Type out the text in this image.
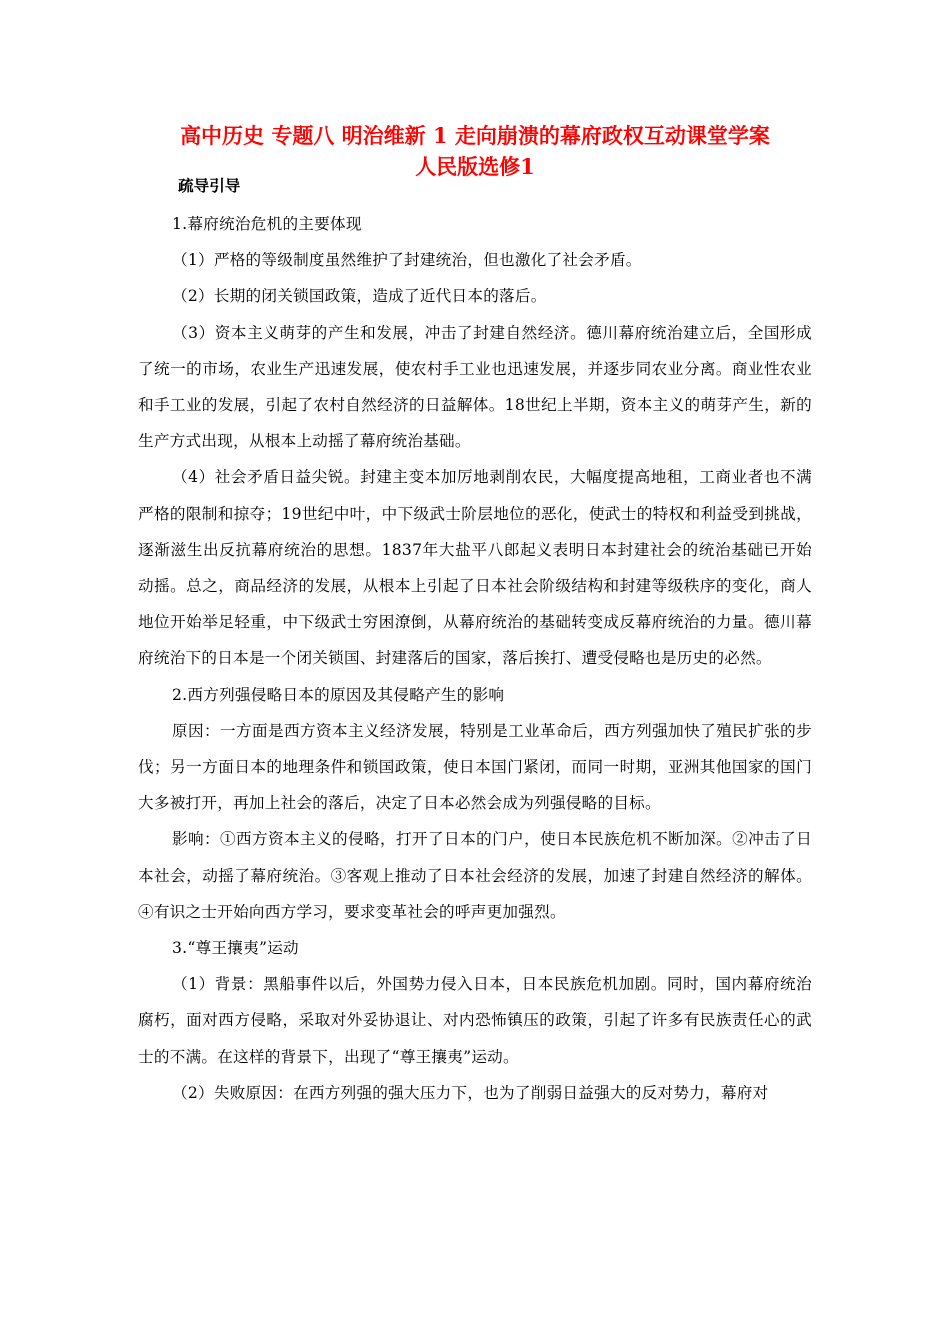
高中历史 专题八 明治维新 1 走向崩溃的幕府政权互动课堂学案
人民版选修1
疏导引导

1.幕府统治危机的主要体现

（1）严格的等级制度虽然维护了封建统治，但也激化了社会矛盾。

（2）长期的闭关锁国政策，造成了近代日本的落后。

（3）资本主义萌芽的产生和发展，冲击了封建自然经济。德川幕府统治建立后，全国形成了统一的市场，农业生产迅速发展，使农村手工业也迅速发展，并逐步同农业分离。商业性农业和手工业的发展，引起了农村自然经济的日益解体。18世纪上半期，资本主义的萌芽产生，新的生产方式出现，从根本上动摇了幕府统治基础。

（4）社会矛盾日益尖锐。封建主变本加厉地剥削农民，大幅度提高地租，工商业者也不满严格的限制和掠夺；19世纪中叶，中下级武士阶层地位的恶化，使武士的特权和利益受到挑战，逐渐滋生出反抗幕府统治的思想。1837年大盐平八郎起义表明日本封建社会的统治基础已开始动摇。总之，商品经济的发展，从根本上引起了日本社会阶级结构和封建等级秩序的变化，商人地位开始举足轻重，中下级武士穷困潦倒，从幕府统治的基础转变成反幕府统治的力量。德川幕府统治下的日本是一个闭关锁国、封建落后的国家，落后挨打、遭受侵略也是历史的必然。

2.西方列强侵略日本的原因及其侵略产生的影响

原因：一方面是西方资本主义经济发展，特别是工业革命后，西方列强加快了殖民扩张的步伐；另一方面日本的地理条件和锁国政策，使日本国门紧闭，而同一时期，亚洲其他国家的国门大多被打开，再加上社会的落后，决定了日本必然会成为列强侵略的目标。

影响：①西方资本主义的侵略，打开了日本的门户，使日本民族危机不断加深。②冲击了日本社会，动摇了幕府统治。③客观上推动了日本社会经济的发展，加速了封建自然经济的解体。④有识之士开始向西方学习，要求变革社会的呼声更加强烈。

3.“尊王攘夷”运动

（1）背景：黑船事件以后，外国势力侵入日本，日本民族危机加剧。同时，国内幕府统治腐朽，面对西方侵略，采取对外妥协退让、对内恐怖镇压的政策，引起了许多有民族责任心的武士的不满。在这样的背景下，出现了“尊王攘夷”运动。

（2）失败原因：在西方列强的强大压力下，也为了削弱日益强大的反对势力，幕府对
